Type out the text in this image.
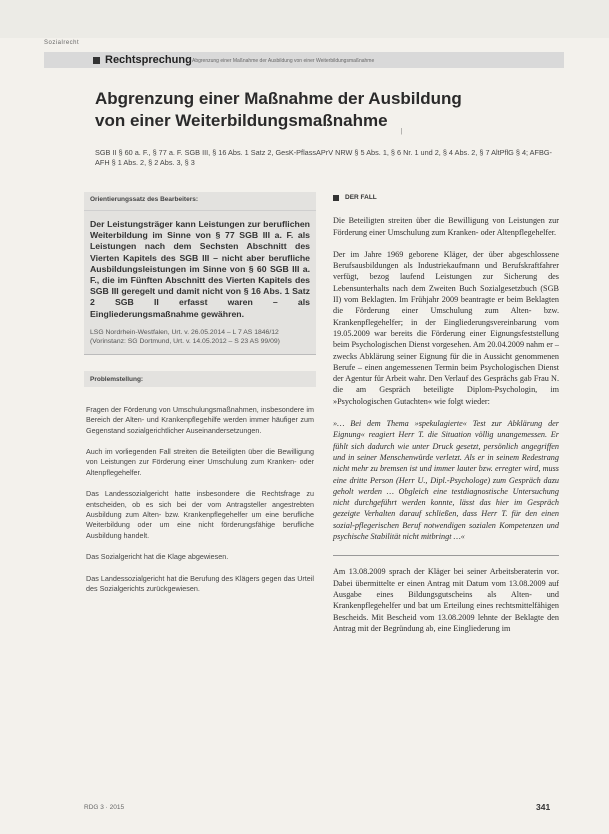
Sozialrecht
Rechtsprechung Abgrenzung einer Maßnahme der Ausbildung von einer Weiterbildungsmaßnahme
Abgrenzung einer Maßnahme der Ausbildung
von einer Weiterbildungsmaßnahme
|
SGB II § 60 a. F., § 77 a. F. SGB III, § 16 Abs. 1 Satz 2, GesK-PflassAPrV NRW § 5 Abs. 1, § 6 Nr. 1 und 2, § 4 Abs. 2, § 7 AltPflG § 4; AFBG-AFH § 1 Abs. 2, § 2 Abs. 3, § 3
Orientierungssatz des Bearbeiters:
Der Leistungsträger kann Leistungen zur beruflichen Weiterbildung im Sinne von § 77 SGB III a. F. als Leistungen nach dem Sechsten Abschnitt des Vierten Kapitels des SGB III – nicht aber berufliche Ausbildungsleistungen im Sinne von § 60 SGB III a. F., die im Fünften Abschnitt des Vierten Kapitels des SGB III geregelt und damit nicht von § 16 Abs. 1 Satz 2 SGB II erfasst waren – als Eingliederungsmaßnahme gewähren.
LSG Nordrhein-Westfalen, Urt. v. 26.05.2014 – L 7 AS 1846/12 (Vorinstanz: SG Dortmund, Urt. v. 14.05.2012 – S 23 AS 99/09)
Problemstellung:

Fragen der Förderung von Umschulungsmaßnahmen, insbesondere im Bereich der Alten- und Krankenpflegehilfe werden immer häufiger zum Gegenstand sozialgerichtlicher Auseinandersetzungen.

Auch im vorliegenden Fall streiten die Beteiligten über die Bewilligung von Leistungen zur Förderung einer Umschulung zum Kranken- oder Altenpflegehelfer.

Das Landessozialgericht hatte insbesondere die Rechtsfrage zu entscheiden, ob es sich bei der vom Antragsteller angestrebten Ausbildung zum Alten- bzw. Krankenpflegehelfer um eine berufliche Weiterbildung oder um eine nicht förderungsfähige berufliche Ausbildung handelt.

Das Sozialgericht hat die Klage abgewiesen.

Das Landessozialgericht hat die Berufung des Klägers gegen das Urteil des Sozialgerichts zurückgewiesen.

DER FALL

Die Beteiligten streiten über die Bewilligung von Leistungen zur Förderung einer Umschulung zum Kranken- oder Altenpflegehelfer.

Der im Jahre 1969 geborene Kläger, der über abgeschlossene Berufsausbildungen als Industriekaufmann und Berufskraftfahrer verfügt, bezog laufend Leistungen zur Sicherung des Lebensunterhalts nach dem Zweiten Buch Sozialgesetzbuch (SGB II) vom Beklagten. Im Frühjahr 2009 beantragte er beim Beklagten die Förderung einer Umschulung zum Alten- bzw. Krankenpflegehelfer; in der Eingliederungsvereinbarung vom 19.05.2009 war bereits die Förderung einer Eignungsfeststellung beim Psychologischen Dienst vorgesehen. Am 20.04.2009 nahm er – zwecks Abklärung seiner Eignung für die in Aussicht genommenen Berufe – einen angemessenen Termin beim Psychologischen Dienst der Agentur für Arbeit wahr. Den Verlauf des Gesprächs gab Frau N. die am Gespräch beteiligte Diplom-Psychologin, im »Psychologischen Gutachten« wie folgt wieder:

»… Bei dem Thema »spekulagierte« Test zur Abklärung der Eignung« reagiert Herr T. die Situation völlig unangemessen. Er fühlt sich dadurch wie unter Druck gesetzt, persönlich angegriffen und in seiner Menschenwürde verletzt. Als er in seinem Redestrang nicht mehr zu bremsen ist und immer lauter bzw. erregter wird, muss eine dritte Person (Herr U., Dipl.-Psychologe) zum Gespräch dazu geholt werden … Obgleich eine testdiagnostische Untersuchung nicht durchgeführt werden konnte, lässt das hier im Gespräch gezeigte Verhalten darauf schließen, dass Herr T. für den einen sozial-pflegerischen Beruf notwendigen sozialen Kompetenzen und psychische Stabilität nicht mitbringt …«

Am 13.08.2009 sprach der Kläger bei seiner Arbeitsberaterin vor. Dabei übermittelte er einen Antrag mit Datum vom 13.08.2009 auf Ausgabe eines Bildungsgutscheins als Alten- und Krankenpflegehelfer und bat um Erteilung eines rechtsmittelfähigen Bescheids. Mit Bescheid vom 13.08.2009 lehnte der Beklagte den Antrag mit der Begründung ab, eine Eingliederung im

RDG 3 · 2015	341
